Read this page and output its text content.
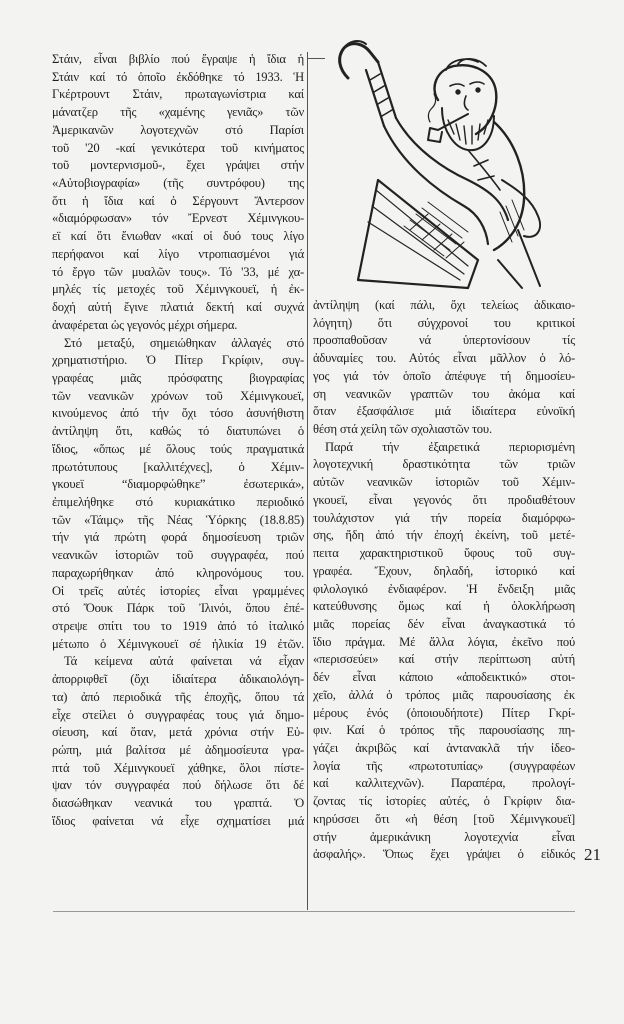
Στάιν, εἶναι βιβλίο πού ἔγραψε ἡ ἴδια ἡ
Στάιν καί τό ὁποῖο ἐκδόθηκε τό 1933. Ἡ
Γκέρτρουντ Στάιν, πρωταγωνίστρια καί
μάνατζερ τῆς «χαμένης γενιᾶς» τῶν
Ἀμερικανῶν λογοτεχνῶν στό Παρίσι
τοῦ '20 -καί γενικότερα τοῦ κινήματος
τοῦ μοντερνισμοῦ-, ἔχει γράψει στήν
«Αὐτοβιογραφία» (τῆς συντρόφου) της
ὅτι ἡ ἴδια καί ὁ Σέργουντ Ἄντερσον
«διαμόρφωσαν» τόν Ἔρνεστ Χέμινγκου-
εϊ καί ὅτι ἔνιωθαν «καί οἱ δυό τους λίγο
περήφανοι καί λίγο ντροπιασμένοι γιά
τό ἔργο τῶν μυαλῶν τους». Τό '33, μέ χα-
μηλές τίς μετοχές τοῦ Χέμινγκουεϊ, ἡ ἐκ-
δοχή αὐτή ἔγινε πλατιά δεκτή καί συχνά
ἀναφέρεται ὡς γεγονός μέχρι σήμερα.
Στό μεταξύ, σημειώθηκαν ἀλλαγές στό
χρηματιστήριο. Ὁ Πίτερ Γκρίφιν, συγ-
γραφέας μιᾶς πρόσφατης βιογραφίας
τῶν νεανικῶν χρόνων τοῦ Χέμινγκουεϊ,
κινούμενος ἀπό τήν ὄχι τόσο ἀσυνήθιστη
ἀντίληψη ὅτι, καθώς τό διατυπώνει ὁ
ἴδιος, «ὅπως μέ ὅλους τούς πραγματικά
πρωτότυπους [καλλιτέχνες], ὁ Χέμιν-
γκουεϊ “διαμορφώθηκε” ἐσωτερικά»,
ἐπιμελήθηκε στό κυριακάτικο περιοδικό
τῶν «Τάιμς» τῆς Νέας Ὑόρκης (18.8.85)
τήν γιά πρώτη φορά δημοσίευση τριῶν
νεανικῶν ἱστοριῶν τοῦ συγγραφέα, πού
παραχωρήθηκαν ἀπό κληρονόμους του.
Οἱ τρεῖς αὐτές ἱστορίες εἶναι γραμμένες
στό Ὄουκ Πάρκ τοῦ Ἰλινόι, ὅπου ἐπέ-
στρεψε σπίτι του το 1919 ἀπό τό ἰταλικό
μέτωπο ὁ Χέμινγκουεϊ σέ ἡλικία 19 ἐτῶν.
Τά κείμενα αὐτά φαίνεται νά εἶχαν
ἀπορριφθεῖ (ὄχι ἰδιαίτερα ἀδικαιολόγη-
τα) ἀπό περιοδικά τῆς ἐποχῆς, ὅπου τά
εἶχε στείλει ὁ συγγραφέας τους γιά δημο-
σίευση, καί ὅταν, μετά χρόνια στήν Εὐ-
ρώπη, μιά βαλίτσα μέ ἀδημοσίευτα γρα-
πτά τοῦ Χέμινγκουεϊ χάθηκε, ὅλοι πίστε-
ψαν τόν συγγραφέα πού δήλωσε ὅτι δέ
διασώθηκαν νεανικά του γραπτά. Ὁ
ἴδιος φαίνεται νά εἶχε σχηματίσει μιά
ἀντίληψη (καί πάλι, ὄχι τελείως ἀδικαιο-
λόγητη) ὅτι σύγχρονοί του κριτικοί
προσπαθοῦσαν νά ὑπερτονίσουν τίς
ἀδυναμίες του. Αὐτός εἶναι μᾶλλον ὁ λό-
γος γιά τόν ὁποῖο ἀπέφυγε τή δημοσίευ-
ση νεανικῶν γραπτῶν του ἀκόμα καί
ὅταν ἐξασφάλισε μιά ἰδιαίτερα εὐνοϊκή
θέση στά χείλη τῶν σχολιαστῶν του.
Παρά τήν ἐξαιρετικά περιορισμένη
λογοτεχνική δραστικότητα τῶν τριῶν
αὐτῶν νεανικῶν ἱστοριῶν τοῦ Χέμιν-
γκουεϊ, εἶναι γεγονός ὅτι προδιαθέτουν
τουλάχιστον γιά τήν πορεία διαμόρφω-
σης, ἤδη ἀπό τήν ἐποχή ἐκείνη, τοῦ μετέ-
πειτα χαρακτηριστικοῦ ὕφους τοῦ συγ-
γραφέα. Ἔχουν, δηλαδή, ἱστορικό καί
φιλολογικό ἐνδιαφέρον. Ἡ ἔνδειξη μιᾶς
κατεύθυνσης ὅμως καί ἡ ὁλοκλήρωση
μιᾶς πορείας δέν εἶναι ἀναγκαστικά τό
ἴδιο πράγμα. Μέ ἄλλα λόγια, ἐκεῖνο πού
«περισσεύει» καί στήν περίπτωση αὐτή
δέν εἶναι κάποιο «ἀποδεικτικό» στοι-
χεῖο, ἀλλά ὁ τρόπος μιᾶς παρουσίασης ἐκ
μέρους ἑνός (ὁποιουδήποτε) Πίτερ Γκρί-
φιν. Καί ὁ τρόπος τῆς παρουσίασης πη-
γάζει ἀκριβῶς καί ἀντανακλᾶ τήν ἰδεο-
λογία τῆς «πρωτοτυπίας» (συγγραφέων
καί καλλιτεχνῶν). Παραπέρα, προλογί-
ζοντας τίς ἱστορίες αὐτές, ὁ Γκρίφιν δια-
κηρύσσει ὅτι «ἡ θέση [τοῦ Χέμινγκουεϊ]
στήν ἀμερικάνικη λογοτεχνία εἶναι
ἀσφαλής». Ὅπως ἔχει γράψει ὁ εἰδικός 21
